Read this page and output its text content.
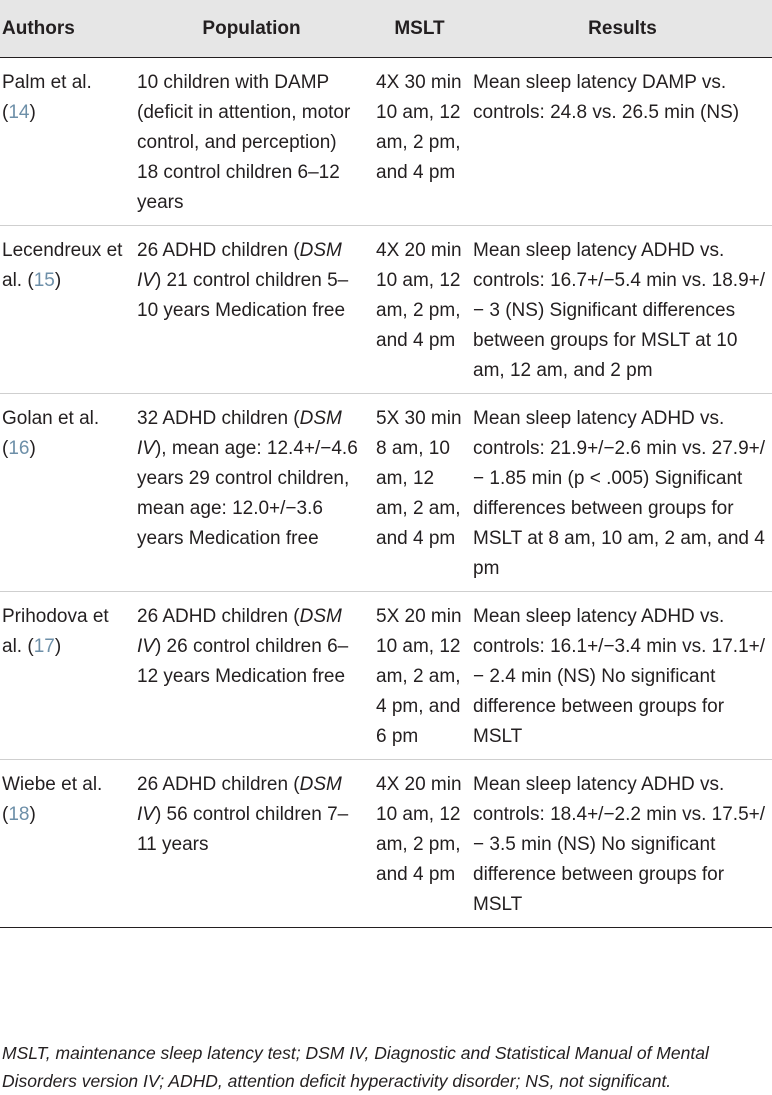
Authors	Population	MSLT	Results
Palm et al. (14)	10 children with DAMP (deficit in attention, motor control, and perception) 18 control children 6–12 years	4X 30 min 10 am, 12 am, 2 pm, and 4 pm	Mean sleep latency DAMP vs. controls: 24.8 vs. 26.5 min (NS)
Lecendreux et al. (15)	26 ADHD children (DSM IV) 21 control children 5–10 years Medication free	4X 20 min 10 am, 12 am, 2 pm, and 4 pm	Mean sleep latency ADHD vs. controls: 16.7+/−5.4 min vs. 18.9+/− 3 (NS) Significant differences between groups for MSLT at 10 am, 12 am, and 2 pm
Golan et al. (16)	32 ADHD children (DSM IV), mean age: 12.4+/−4.6 years 29 control children, mean age: 12.0+/−3.6 years Medication free	5X 30 min 8 am, 10 am, 12 am, 2 am, and 4 pm	Mean sleep latency ADHD vs. controls: 21.9+/−2.6 min vs. 27.9+/− 1.85 min (p < .005) Significant differences between groups for MSLT at 8 am, 10 am, 2 am, and 4 pm
Prihodova et al. (17)	26 ADHD children (DSM IV) 26 control children 6–12 years Medication free	5X 20 min 10 am, 12 am, 2 am, 4 pm, and 6 pm	Mean sleep latency ADHD vs. controls: 16.1+/−3.4 min vs. 17.1+/− 2.4 min (NS) No significant difference between groups for MSLT
Wiebe et al. (18)	26 ADHD children (DSM IV) 56 control children 7–11 years	4X 20 min 10 am, 12 am, 2 pm, and 4 pm	Mean sleep latency ADHD vs. controls: 18.4+/−2.2 min vs. 17.5+/− 3.5 min (NS) No significant difference between groups for MSLT
MSLT, maintenance sleep latency test; DSM IV, Diagnostic and Statistical Manual of Mental Disorders version IV; ADHD, attention deficit hyperactivity disorder; NS, not significant.
